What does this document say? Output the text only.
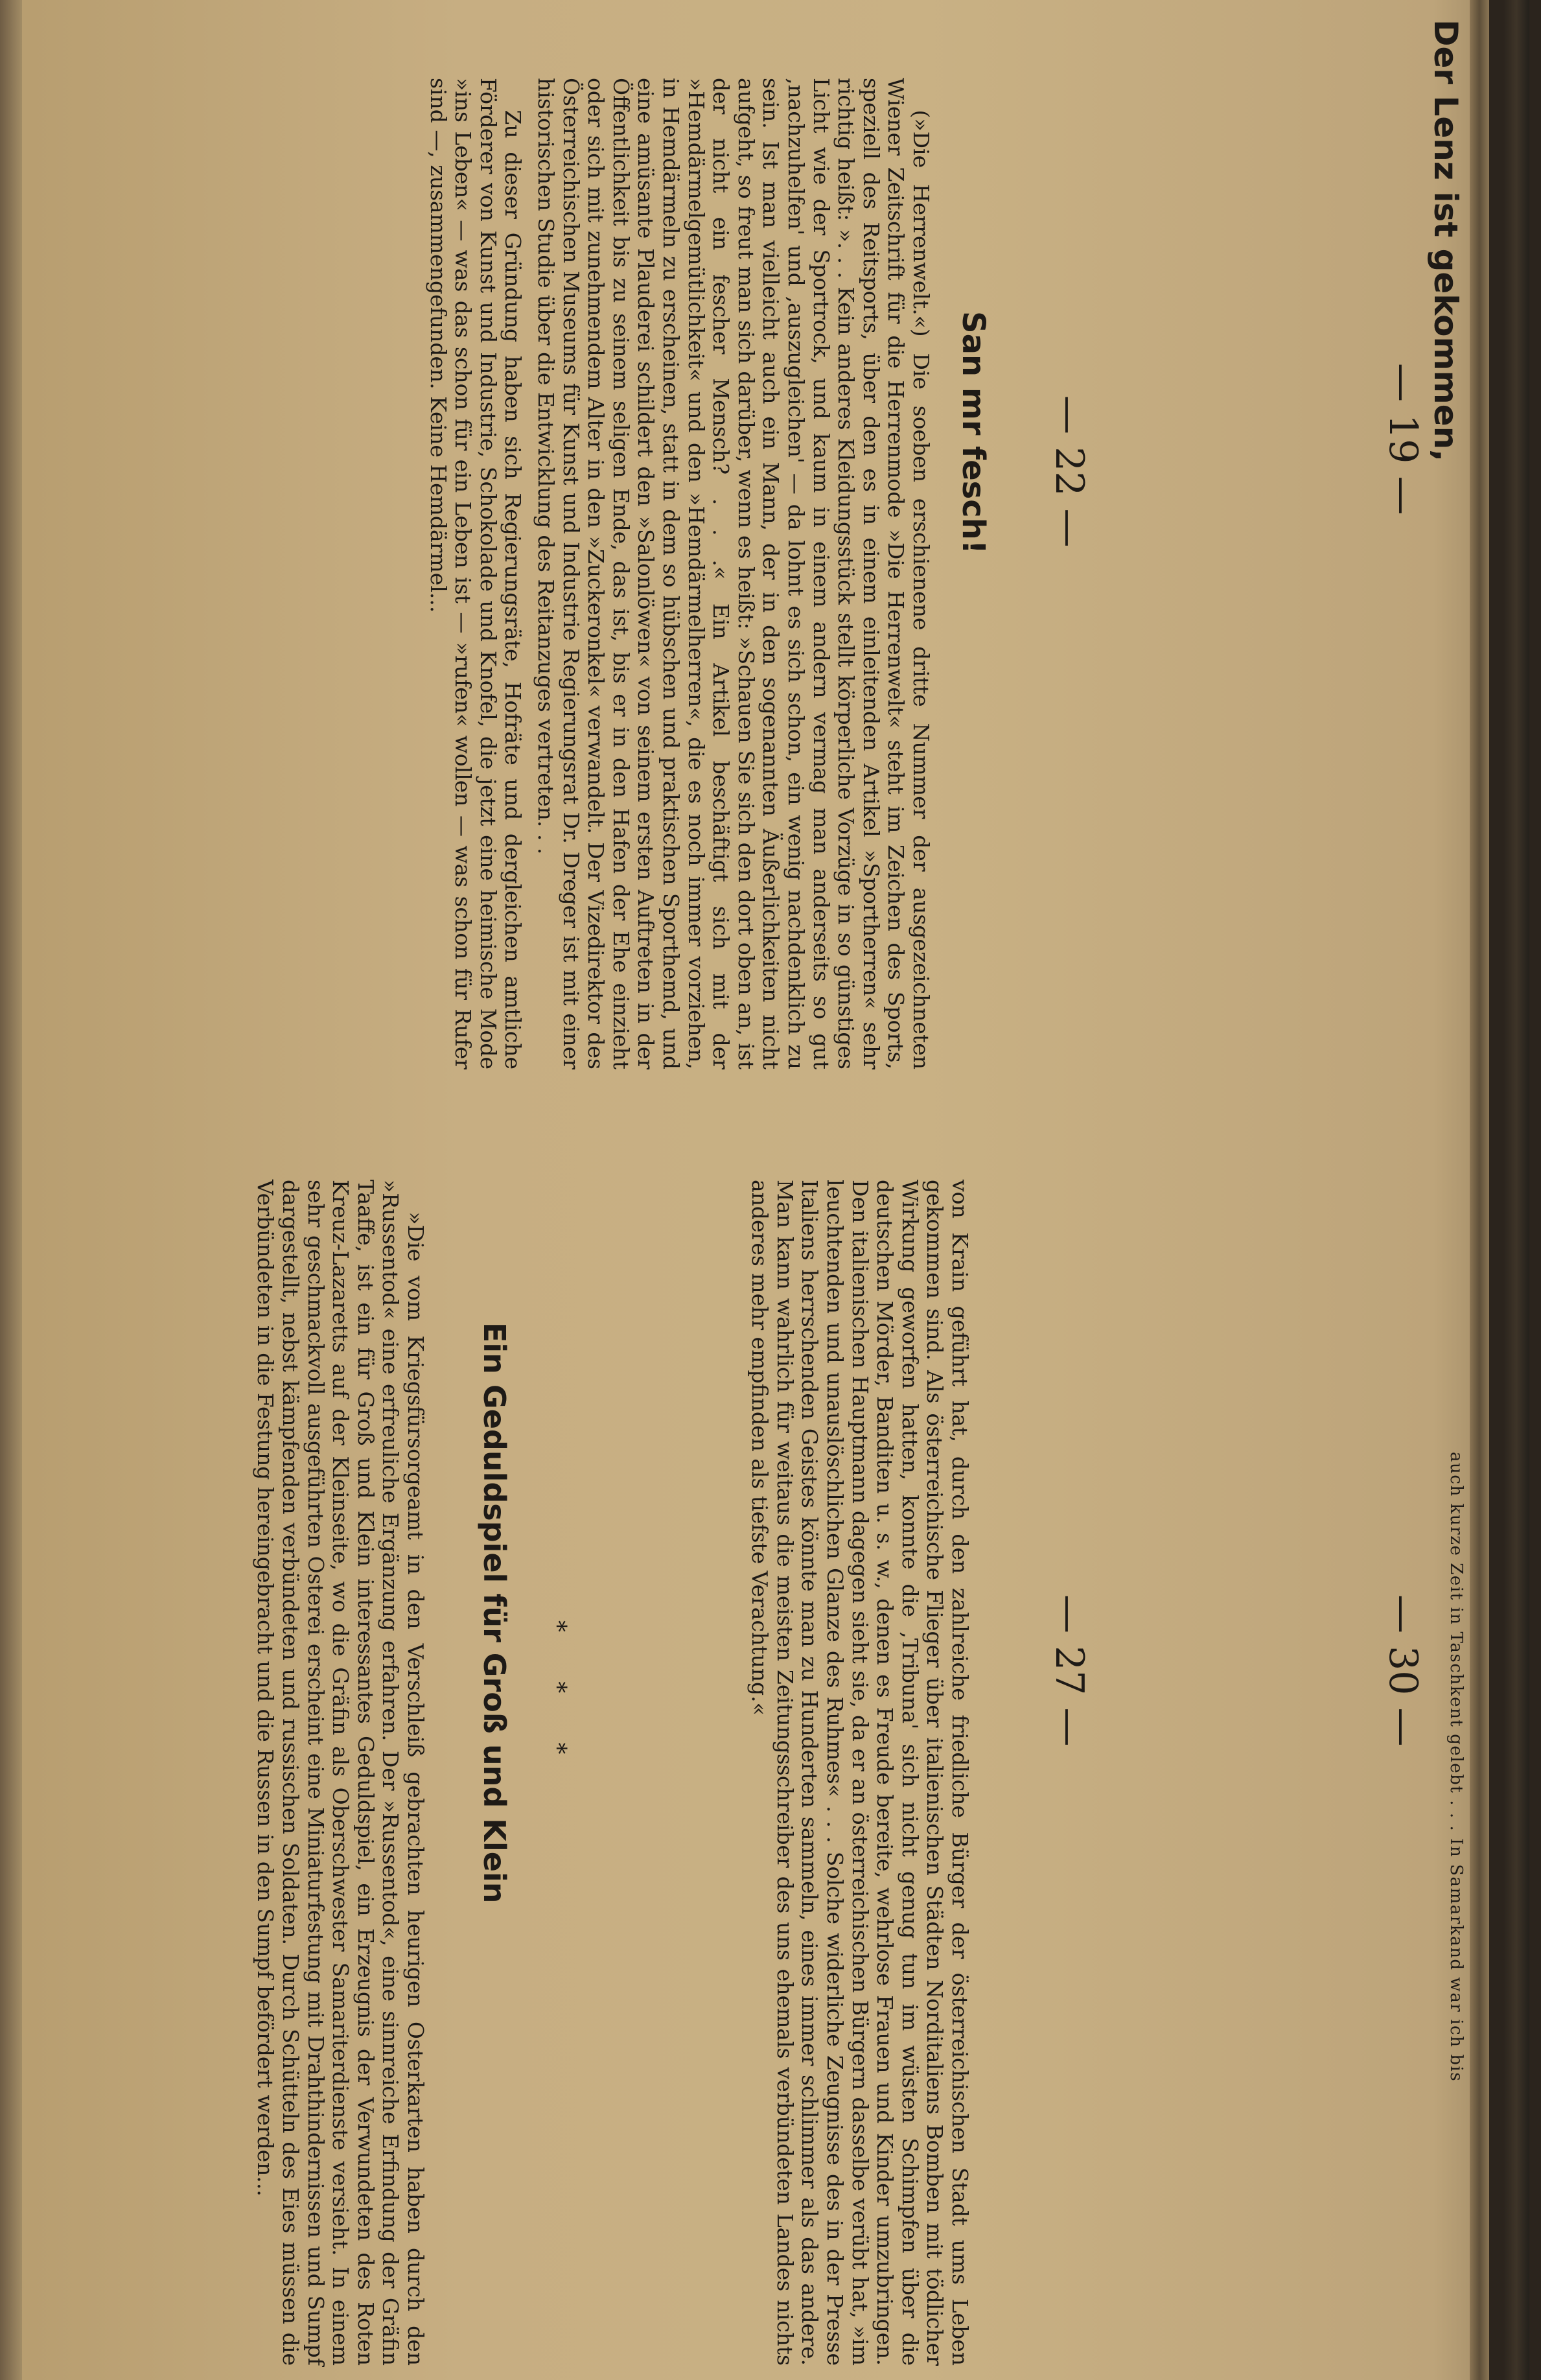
Der Lenz ist gekommen,
auch kurze Zeit in Taschkent gelebt . . . In Samarkand war ich bis
— 19 —
— 30 —
— 22 —
— 27 —
San mr fesch!

(»Die Herrenwelt.«) Die soeben erschienene dritte Nummer der ausgezeichneten Wiener Zeitschrift für die Herrenmode »Die Herrenwelt« steht im Zeichen des Sports, speziell des Reitsports, über den es in einem einleitenden Artikel »Sportherren« sehr richtig heißt: ». . . Kein anderes Kleidungsstück stellt körperliche Vorzüge in so günstiges Licht wie der Sportrock, und kaum in einem andern vermag man anderseits so gut ‚nachzuhelfen' und ‚auszugleichen' — da lohnt es sich schon, ein wenig nachdenklich zu sein. Ist man vielleicht auch ein Mann, der in den sogenannten Äußerlichkeiten nicht aufgeht, so freut man sich darüber, wenn es heißt: »Schauen Sie sich den dort oben an, ist der nicht ein fescher Mensch? . . .« Ein Artikel beschäftigt sich mit der »Hemdärmelgemütlichkeit« und den »Hemdärmelherren«, die es noch immer vorziehen, in Hemdärmeln zu erscheinen, statt in dem so hübschen und praktischen Sporthemd, und eine amüsante Plauderei schildert den »Salonlöwen« von seinem ersten Auftreten in der Öffentlichkeit bis zu seinem seligen Ende, das ist, bis er in den Hafen der Ehe einzieht oder sich mit zunehmendem Alter in den »Zuckeronkel« verwandelt. Der Vizedirektor des Österreichischen Museums für Kunst und Industrie Regierungsrat Dr. Dreger ist mit einer historischen Studie über die Entwicklung des Reitanzuges vertreten. . .

Zu dieser Gründung haben sich Regierungsräte, Hofräte und dergleichen amtliche Förderer von Kunst und Industrie, Schokolade und Knofel, die jetzt eine heimische Mode »ins Leben« — was das schon für ein Leben ist — »rufen« wollen — was schon für Rufer sind —, zusammengefunden. Keine Hemdärmel...

von Krain geführt hat, durch den zahlreiche friedliche Bürger der österreichischen Stadt ums Leben gekommen sind. Als österreichische Flieger über italienischen Städten Norditaliens Bomben mit tödlicher Wirkung geworfen hatten, konnte die ‚Tribuna' sich nicht genug tun im wüsten Schimpfen über die deutschen Mörder, Banditen u. s. w., denen es Freude bereite, wehrlose Frauen und Kinder umzubringen. Den italienischen Hauptmann dagegen sieht sie, da er an österreichischen Bürgern dasselbe verübt hat, »im leuchtenden und unauslöschlichen Glanze des Ruhmes« . . . Solche widerliche Zeugnisse des in der Presse Italiens herrschenden Geistes könnte man zu Hunderten sammeln, eines immer schlimmer als das andere. Man kann wahrlich für weitaus die meisten Zeitungsschreiber des uns ehemals verbündeten Landes nichts anderes mehr empfinden als tiefste Verachtung.«

* * *
Ein Geduldspiel für Groß und Klein

»Die vom Kriegsfürsorgeamt in den Verschleiß gebrachten heurigen Osterkarten haben durch den »Russentod« eine erfreuliche Ergänzung erfahren. Der »Russentod«, eine sinnreiche Erfindung der Gräfin Taaffe, ist ein für Groß und Klein interessantes Geduldspiel, ein Erzeugnis der Verwundeten des Roten Kreuz-Lazaretts auf der Kleinseite, wo die Gräfin als Oberschwester Samariterdienste versieht. In einem sehr geschmackvoll ausgeführten Osterei erscheint eine Miniaturfestung mit Drahthindernissen und Sumpf dargestellt, nebst kämpfenden verbündeten und russischen Soldaten. Durch Schütteln des Eies müssen die Verbündeten in die Festung hereingebracht und die Russen in den Sumpf befördert werden...
